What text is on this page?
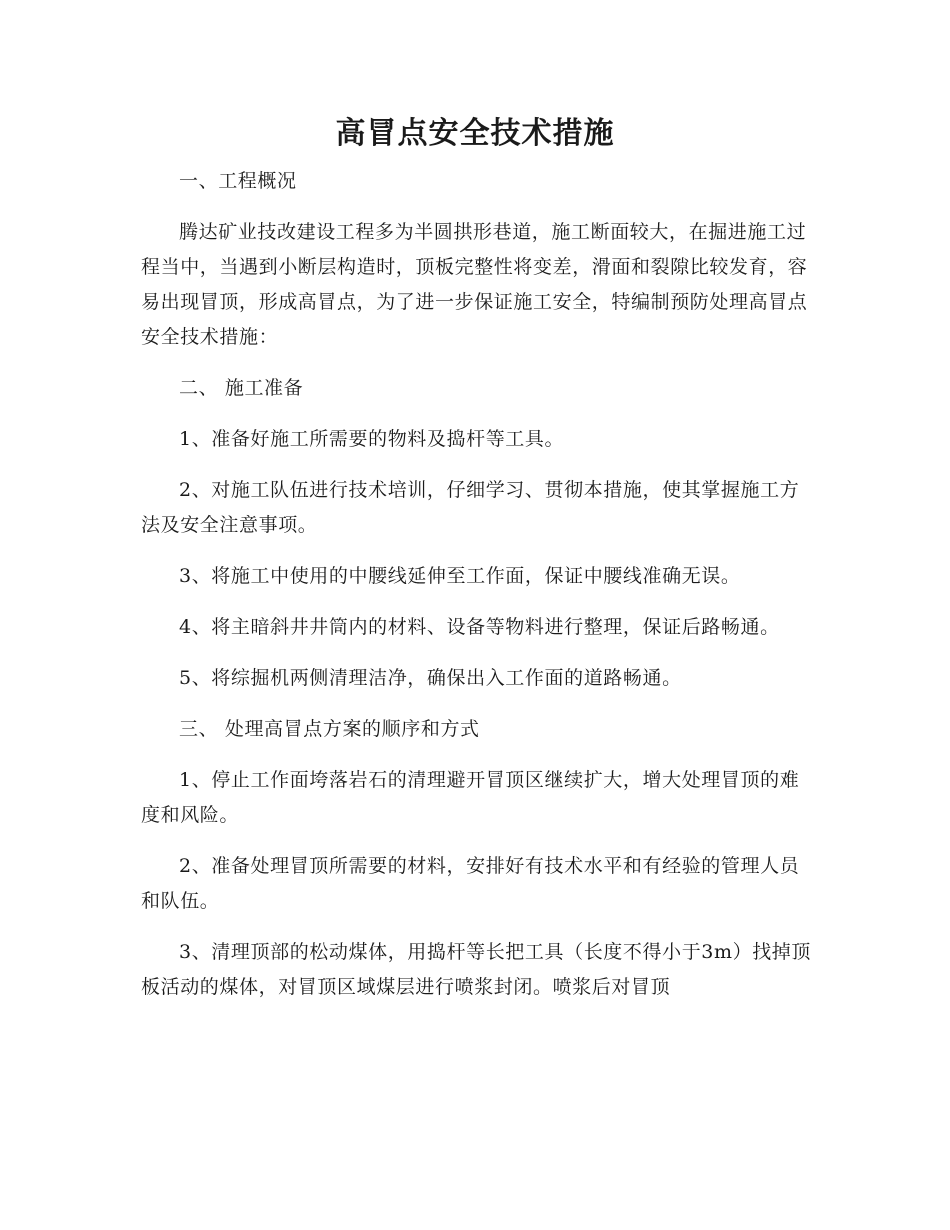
高冒点安全技术措施

一、工程概况

腾达矿业技改建设工程多为半圆拱形巷道，施工断面较大，在掘进施工过程当中，当遇到小断层构造时，顶板完整性将变差，滑面和裂隙比较发育，容易出现冒顶，形成高冒点，为了进一步保证施工安全，特编制预防处理高冒点安全技术措施：

二、 施工准备

1、准备好施工所需要的物料及捣杆等工具。

2、对施工队伍进行技术培训，仔细学习、贯彻本措施，使其掌握施工方法及安全注意事项。

3、将施工中使用的中腰线延伸至工作面，保证中腰线准确无误。

4、将主暗斜井井筒内的材料、设备等物料进行整理，保证后路畅通。

5、将综掘机两侧清理洁净，确保出入工作面的道路畅通。

三、 处理高冒点方案的顺序和方式

1、停止工作面垮落岩石的清理避开冒顶区继续扩大，增大处理冒顶的难度和风险。

2、准备处理冒顶所需要的材料，安排好有技术水平和有经验的管理人员和队伍。

3、清理顶部的松动煤体，用捣杆等长把工具（长度不得小于3m）找掉顶板活动的煤体，对冒顶区域煤层进行喷浆封闭。喷浆后对冒顶
